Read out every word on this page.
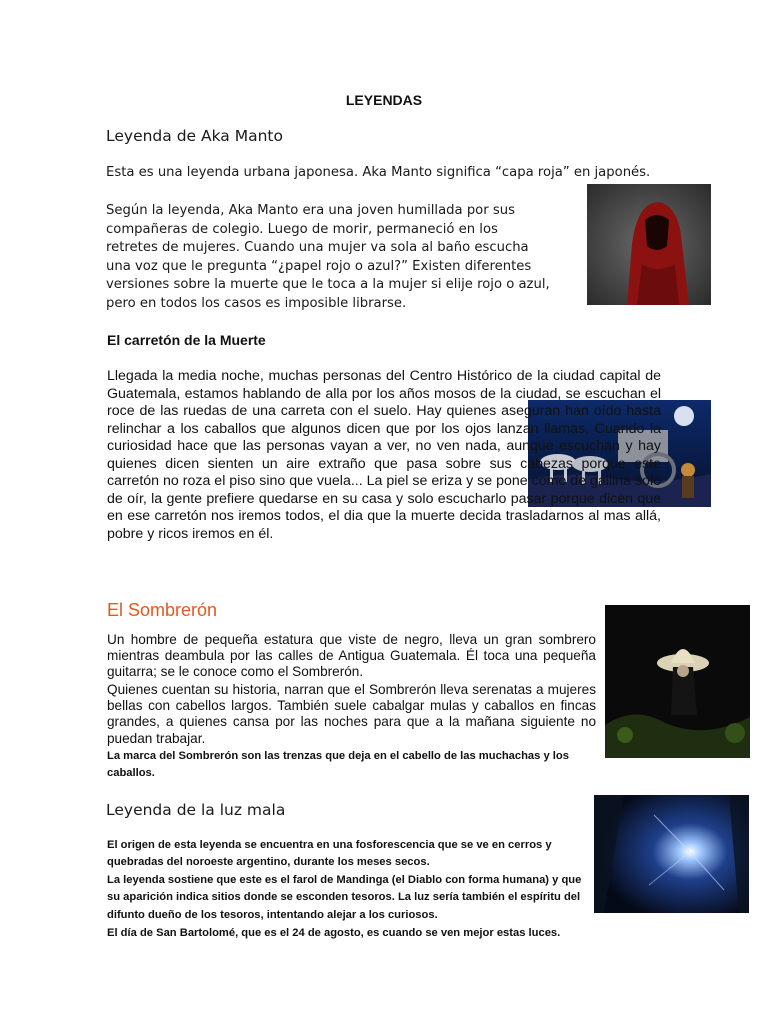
LEYENDAS
Leyenda de Aka Manto

Esta es una leyenda urbana japonesa. Aka Manto significa “capa roja” en japonés.

Según la leyenda, Aka Manto era una joven humillada por sus compañeras de colegio. Luego de morir, permaneció en los retretes de mujeres. Cuando una mujer va sola al baño escucha una voz que le pregunta “¿papel rojo o azul?” Existen diferentes versiones sobre la muerte que le toca a la mujer si elije rojo o azul, pero en todos los casos es imposible librarse.

El carretón de la Muerte

Llegada la media noche, muchas personas del Centro Histórico de la ciudad capital de Guatemala, estamos hablando de alla por los años mosos de la ciudad, se escuchan el roce de las ruedas de una carreta con el suelo. Hay quienes aseguran han oído hasta relinchar a los caballos que algunos dicen que por los ojos lanzan llamas. Cuando la curiosidad hace que las personas vayan a ver, no ven nada, aunque escuchan y hay quienes dicen sienten un aire extraño que pasa sobre sus cabezas porque este carretón no roza el piso sino que vuela... La piel se eriza y se pone como de gallina solo de oír, la gente prefiere quedarse en su casa y solo escucharlo pasar porque dicen que en ese carretón nos iremos todos, el dia que la muerte decida trasladarnos al mas allá, pobre y ricos iremos en él.

El Sombrerón

Un hombre de pequeña estatura que viste de negro, lleva un gran sombrero mientras deambula por las calles de Antigua Guatemala. Él toca una pequeña guitarra; se le conoce como el Sombrerón.

Quienes cuentan su historia, narran que el Sombrerón lleva serenatas a mujeres bellas con cabellos largos. También suele cabalgar mulas y caballos en fincas grandes, a quienes cansa por las noches para que a la mañana siguiente no puedan trabajar.

La marca del Sombrerón son las trenzas que deja en el cabello de las muchachas y los caballos.

Leyenda de la luz mala

El origen de esta leyenda se encuentra en una fosforescencia que se ve en cerros y quebradas del noroeste argentino, durante los meses secos.

La leyenda sostiene que este es el farol de Mandinga (el Diablo con forma humana) y que su aparición indica sitios donde se esconden tesoros. La luz sería también el espíritu del difunto dueño de los tesoros, intentando alejar a los curiosos.

El día de San Bartolomé, que es el 24 de agosto, es cuando se ven mejor estas luces.
